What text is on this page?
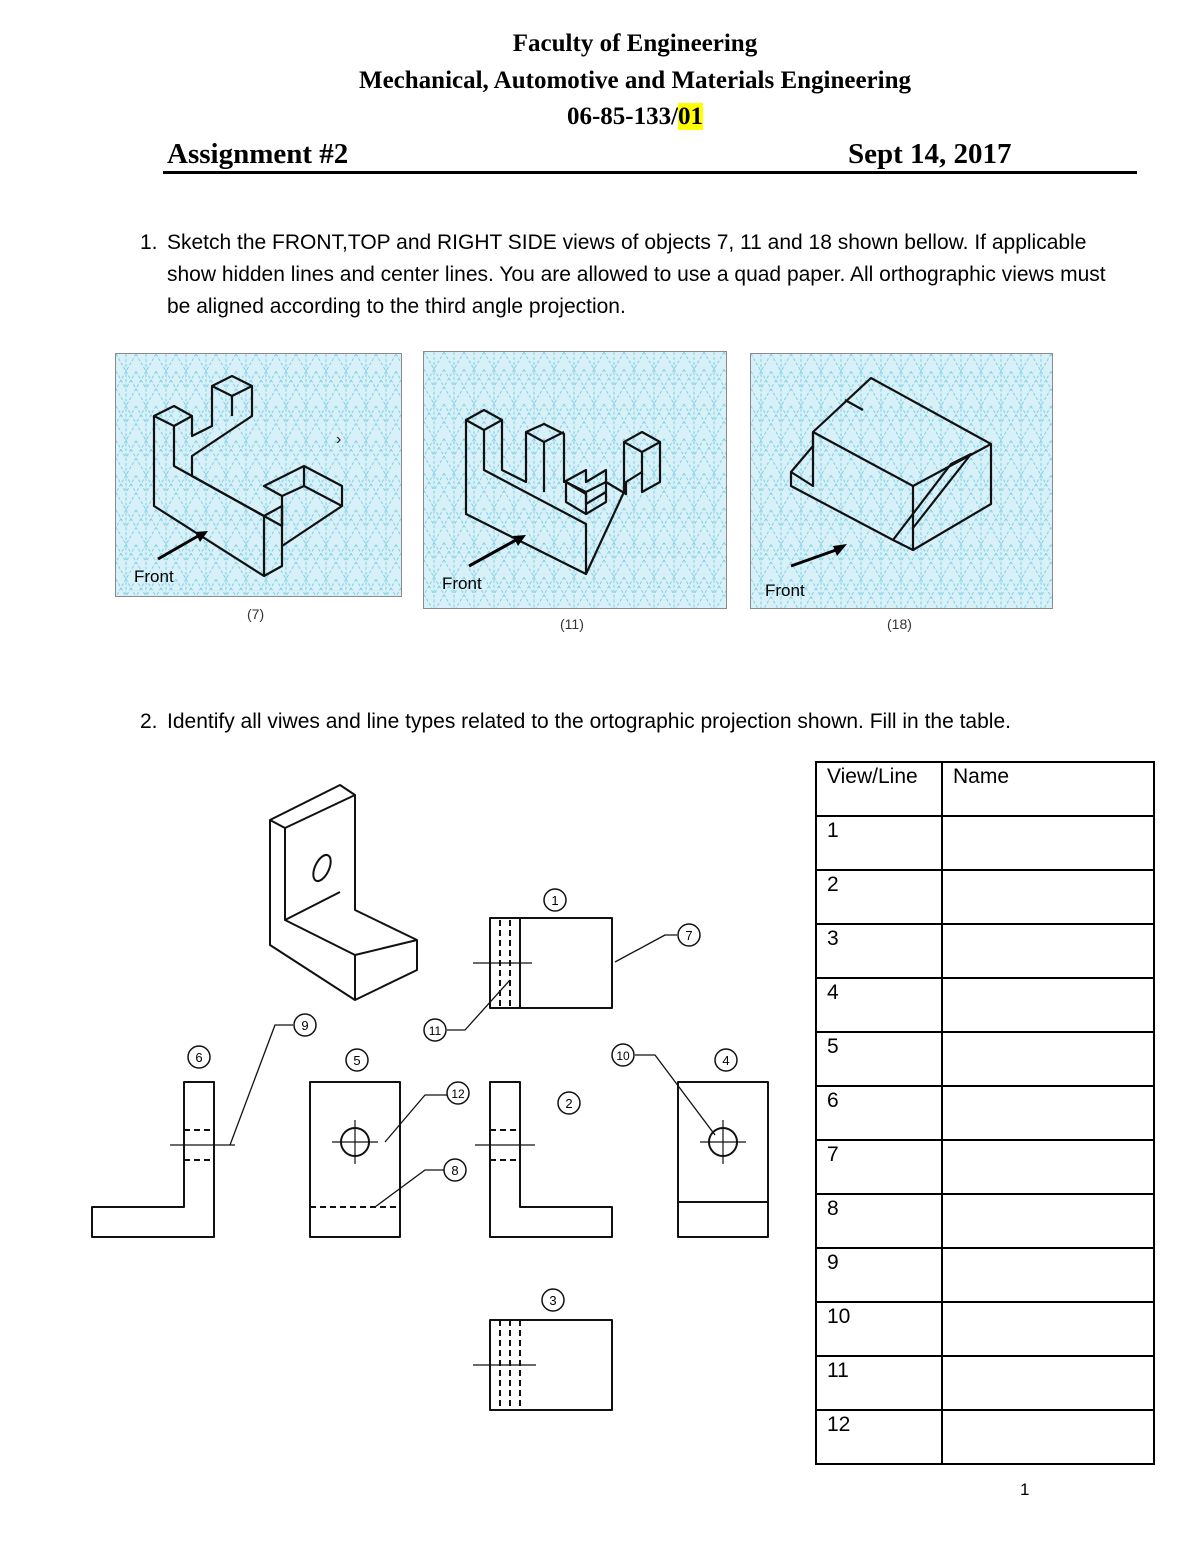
Faculty of Engineering
Mechanical, Automotive and Materials Engineering
06-85-133/01
Assignment #2	Sept 14, 2017
1. Sketch the FRONT,TOP and RIGHT SIDE views of objects 7, 11 and 18 shown bellow. If applicable show hidden lines and center lines. You are allowed to use a quad paper. All orthographic views must be aligned according to the third angle projection.
›
Front
(7)
Front
(11)
Front
(18)
2. Identify all viwes and line types related to the ortographic projection shown. Fill in the table.
1
7
9	11
6	5	10	4
12
2
8
3
View/Line	Name
1	
2	
3	
4	
5	
6	
7	
8	
9	
10	
11	
12	
1
